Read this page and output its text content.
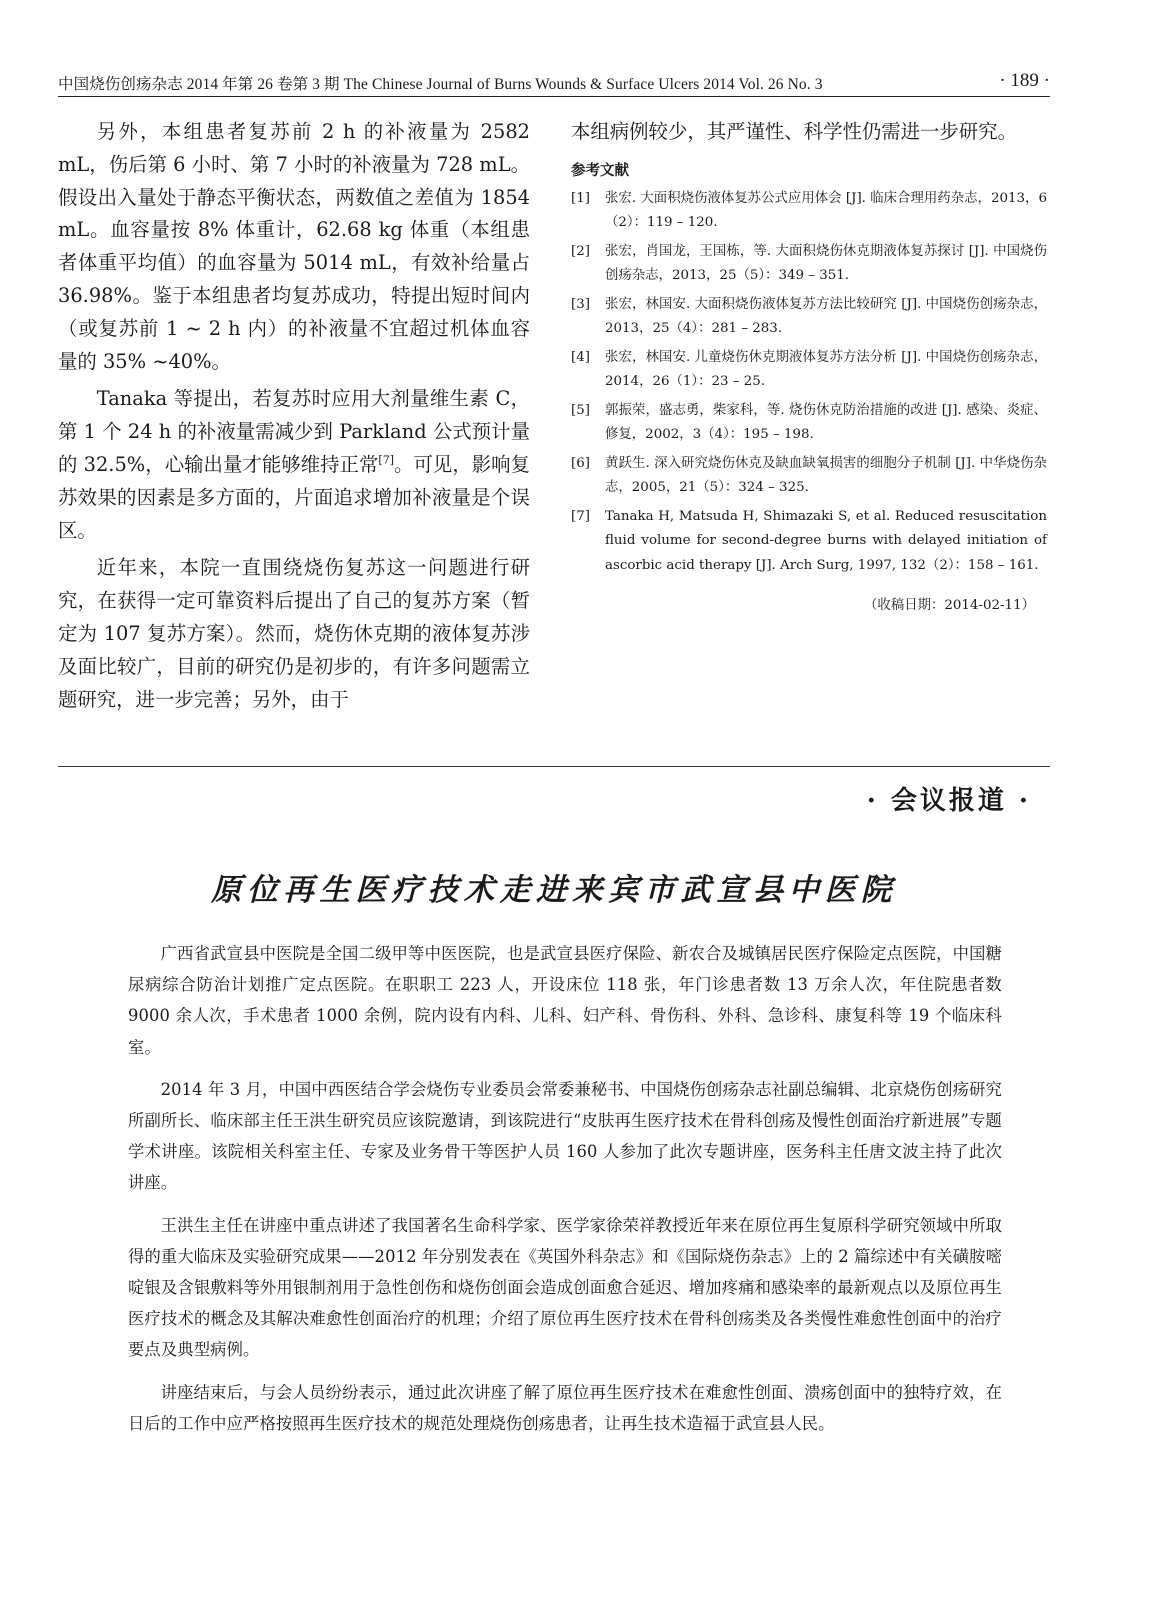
中国烧伤创疡杂志 2014 年第 26 卷第 3 期 The Chinese Journal of Burns Wounds & Surface Ulcers 2014 Vol. 26 No. 3	· 189 ·

另外，本组患者复苏前 2 h 的补液量为 2582 mL，伤后第 6 小时、第 7 小时的补液量为 728 mL。假设出入量处于静态平衡状态，两数值之差值为 1854 mL。血容量按 8% 体重计，62.68 kg 体重（本组患者体重平均值）的血容量为 5014 mL，有效补给量占 36.98%。鉴于本组患者均复苏成功，特提出短时间内（或复苏前 1 ~ 2 h 内）的补液量不宜超过机体血容量的 35% ~40%。

Tanaka 等提出，若复苏时应用大剂量维生素 C，第 1 个 24 h 的补液量需减少到 Parkland 公式预计量的 32.5%，心输出量才能够维持正常[7]。可见，影响复苏效果的因素是多方面的，片面追求增加补液量是个误区。

近年来，本院一直围绕烧伤复苏这一问题进行研究，在获得一定可靠资料后提出了自己的复苏方案（暂定为 107 复苏方案）。然而，烧伤休克期的液体复苏涉及面比较广，目前的研究仍是初步的，有许多问题需立题研究，进一步完善；另外，由于

本组病例较少，其严谨性、科学性仍需进一步研究。

参考文献
[1] 张宏. 大面积烧伤液体复苏公式应用体会 [J]. 临床合理用药杂志，2013，6（2）：119 – 120.
[2] 张宏，肖国龙，王国栋，等. 大面积烧伤休克期液体复苏探讨 [J]. 中国烧伤创疡杂志，2013，25（5）：349 – 351.
[3] 张宏，林国安. 大面积烧伤液体复苏方法比较研究 [J]. 中国烧伤创疡杂志，2013，25（4）：281 – 283.
[4] 张宏，林国安. 儿童烧伤休克期液体复苏方法分析 [J]. 中国烧伤创疡杂志，2014，26（1）：23 – 25.
[5] 郭振荣，盛志勇，柴家科，等. 烧伤休克防治措施的改进 [J]. 感染、炎症、修复，2002，3（4）：195 – 198.
[6] 黄跃生. 深入研究烧伤休克及缺血缺氧损害的细胞分子机制 [J]. 中华烧伤杂志，2005，21（5）：324 – 325.
[7] Tanaka H, Matsuda H, Shimazaki S, et al. Reduced resuscitation fluid volume for second-degree burns with delayed initiation of ascorbic acid therapy [J]. Arch Surg, 1997, 132（2）：158 – 161.
（收稿日期：2014-02-11）
· 会议报道 ·
原位再生医疗技术走进来宾市武宣县中医院

广西省武宣县中医院是全国二级甲等中医医院，也是武宣县医疗保险、新农合及城镇居民医疗保险定点医院，中国糖尿病综合防治计划推广定点医院。在职职工 223 人，开设床位 118 张，年门诊患者数 13 万余人次，年住院患者数 9000 余人次，手术患者 1000 余例，院内设有内科、儿科、妇产科、骨伤科、外科、急诊科、康复科等 19 个临床科室。

2014 年 3 月，中国中西医结合学会烧伤专业委员会常委兼秘书、中国烧伤创疡杂志社副总编辑、北京烧伤创疡研究所副所长、临床部主任王洪生研究员应该院邀请，到该院进行“皮肤再生医疗技术在骨科创疡及慢性创面治疗新进展”专题学术讲座。该院相关科室主任、专家及业务骨干等医护人员 160 人参加了此次专题讲座，医务科主任唐文波主持了此次讲座。

王洪生主任在讲座中重点讲述了我国著名生命科学家、医学家徐荣祥教授近年来在原位再生复原科学研究领域中所取得的重大临床及实验研究成果——2012 年分别发表在《英国外科杂志》和《国际烧伤杂志》上的 2 篇综述中有关磺胺嘧啶银及含银敷料等外用银制剂用于急性创伤和烧伤创面会造成创面愈合延迟、增加疼痛和感染率的最新观点以及原位再生医疗技术的概念及其解决难愈性创面治疗的机理；介绍了原位再生医疗技术在骨科创疡类及各类慢性难愈性创面中的治疗要点及典型病例。

讲座结束后，与会人员纷纷表示，通过此次讲座了解了原位再生医疗技术在难愈性创面、溃疡创面中的独特疗效，在日后的工作中应严格按照再生医疗技术的规范处理烧伤创疡患者，让再生技术造福于武宣县人民。
